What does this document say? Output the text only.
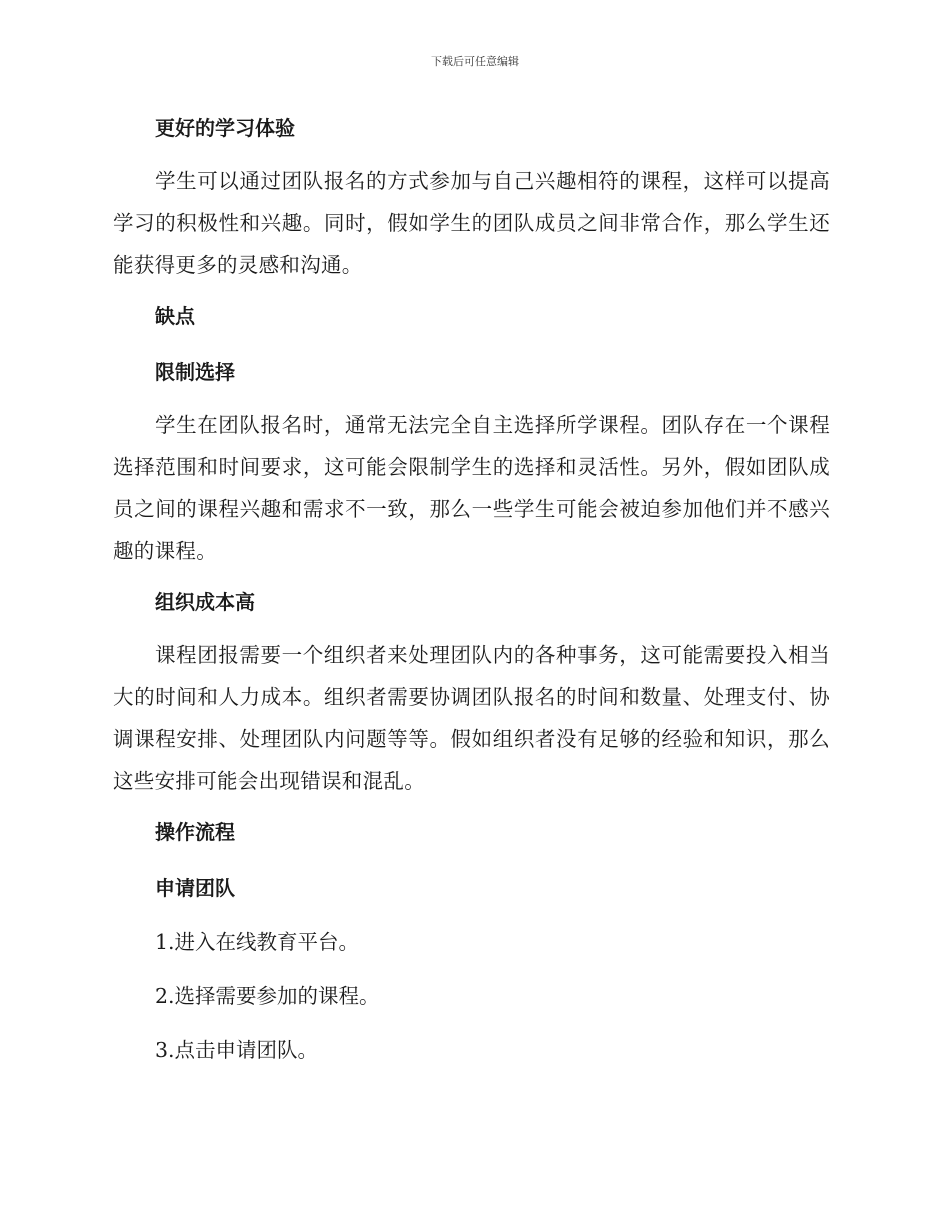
下载后可任意编辑
更好的学习体验

学生可以通过团队报名的方式参加与自己兴趣相符的课程，这样可以提高学习的积极性和兴趣。同时，假如学生的团队成员之间非常合作，那么学生还能获得更多的灵感和沟通。

缺点
限制选择

学生在团队报名时，通常无法完全自主选择所学课程。团队存在一个课程选择范围和时间要求，这可能会限制学生的选择和灵活性。另外，假如团队成员之间的课程兴趣和需求不一致，那么一些学生可能会被迫参加他们并不感兴趣的课程。

组织成本高

课程团报需要一个组织者来处理团队内的各种事务，这可能需要投入相当大的时间和人力成本。组织者需要协调团队报名的时间和数量、处理支付、协调课程安排、处理团队内问题等等。假如组织者没有足够的经验和知识，那么这些安排可能会出现错误和混乱。

操作流程
申请团队

1.进入在线教育平台。

2.选择需要参加的课程。

3.点击申请团队。
